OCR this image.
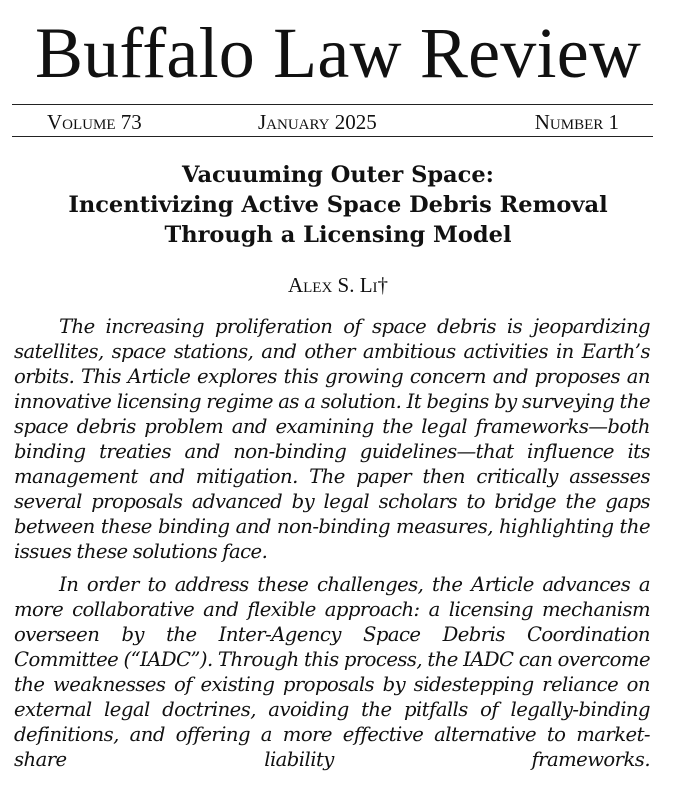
Buffalo Law Review
Volume 73	January 2025	Number 1
Vacuuming Outer Space:
Incentivizing Active Space Debris Removal
Through a Licensing Model
Alex S. Li†

The increasing proliferation of space debris is jeopardizing satellites, space stations, and other ambitious activities in Earth’s orbits. This Article explores this growing concern and proposes an innovative licensing regime as a solution. It begins by surveying the space debris problem and examining the legal frameworks—both binding treaties and non-binding guidelines—that influence its management and mitigation. The paper then critically assesses several proposals advanced by legal scholars to bridge the gaps between these binding and non-binding measures, highlighting the issues these solutions face.

In order to address these challenges, the Article advances a more collaborative and flexible approach: a licensing mechanism overseen by the Inter-Agency Space Debris Coordination Committee (“IADC”). Through this process, the IADC can overcome the weaknesses of existing proposals by sidestepping reliance on external legal doctrines, avoiding the pitfalls of legally-binding definitions, and offering a more effective alternative to market-share liability frameworks.
